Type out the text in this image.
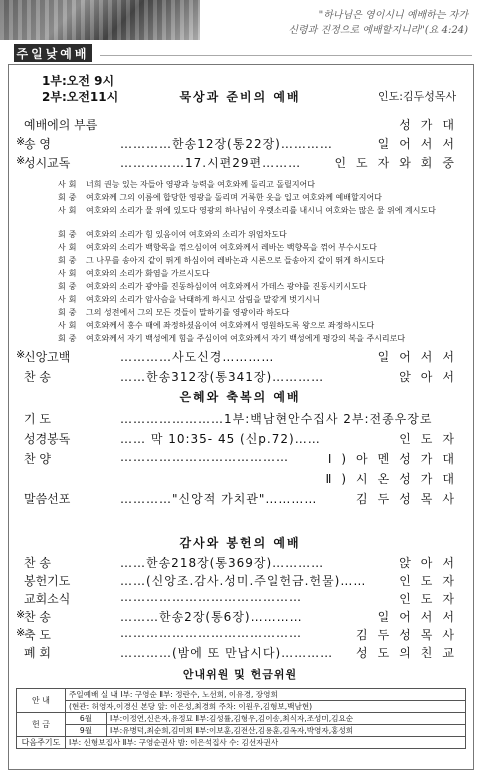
"하나님은 영이시니 예배하는 자가
신령과 진정으로 예배할지니라"(요 4:24)
주일낮예배
1부:오전 9시
2부:오전11시	묵상과 준비의 예배	인도:김두성목사
예배에의 부름	성가대
※
송 영	…………한송12장(통22장)…………	일어서서
※
성시교독	……………17.시편29편………	인도자와회중
사회 너희 권능 있는 자들아 영광과 능력을 여호와께 돌리고 돌릴지어다
회중 여호와께 그의 이름에 합당한 영광을 돌리며 거룩한 옷을 입고 여호와께 예배할지어다
사회 여호와의 소리가 물 위에 있도다 영광의 하나님이 우렛소리를 내시니 여호와는 많은 물 위에 계시도다
회중 여호와의 소리가 힘 있음이여 여호와의 소리가 위엄차도다
사회 여호와의 소리가 백향목을 꺾으심이여 여호와께서 레바논 백향목을 꺾어 부수시도다
회중 그 나무를 송아지 같이 뛰게 하심이여 레바논과 시론으로 들송아지 같이 뛰게 하시도다
사회 여호와의 소리가 화염을 가르시도다
회중 여호와의 소리가 광야를 진동하심이여 여호와께서 가데스 광야를 진동시키시도다
사회 여호와의 소리가 암사슴을 낙태하게 하시고 삼림을 말갛게 벗기시니
회중 그의 성전에서 그의 모든 것들이 말하기를 영광이라 하도다
사회 여호와께서 홍수 때에 좌정하셨음이여 여호와께서 영원하도록 왕으로 좌정하시도다
회중 여호와께서 자기 백성에게 힘을 주심이여 여호와께서 자기 백성에게 평강의 복을 주시리로다
※
신앙고백	…………사도신경…………	일어서서
찬 송	……한송312장(통341장)…………	앉아서
은혜와 축복의 예배
기 도	……………………1부:백남현안수집사 2부:전종우장로
성경봉독	…… 막 10:35- 45 (신p.72)……	인도자
찬 양	…………………………………	Ⅰ)아멘성가대
Ⅱ)시온성가대
말씀선포	…………"신앙적 가치관"…………	김두성목사
감사와 봉헌의 예배
찬 송	……한송218장(통369장)…………	앉아서
봉헌기도	……(신앙조.감사.성미.주일헌금.헌물)……	인도자
교회소식	……………………………………	인도자
※
찬 송	………한송2장(통6장)…………	일어서서
※
축 도	……………………………………	김두성목사
폐 회	…………(밤에 또 만납시다)………… 성도의친교
안내위원 및 헌금위원
안 내	주일예배 실 내 Ⅰ부: 구영순 Ⅱ부: 정란수, 노선희, 이유경, 장영희	
	(현관: 허영자,이경신 본당 앞: 이은성,최경희 주차: 이원우,김형보,백남현)	
헌 금	6월	Ⅰ부:이정연,신은자,유정묘 Ⅱ부:김성률,김형우,김이송,최식자,조성미,김요순
	9월	Ⅰ부:유병덕,최순희,김미희 Ⅱ부:이보훈,김전산,김용훈,김옥자,박영자,홍성희
다음주기도	Ⅰ부: 신형보집사 Ⅱ부: 구영순권사 밤: 이은석집사 수: 김선자권사	
